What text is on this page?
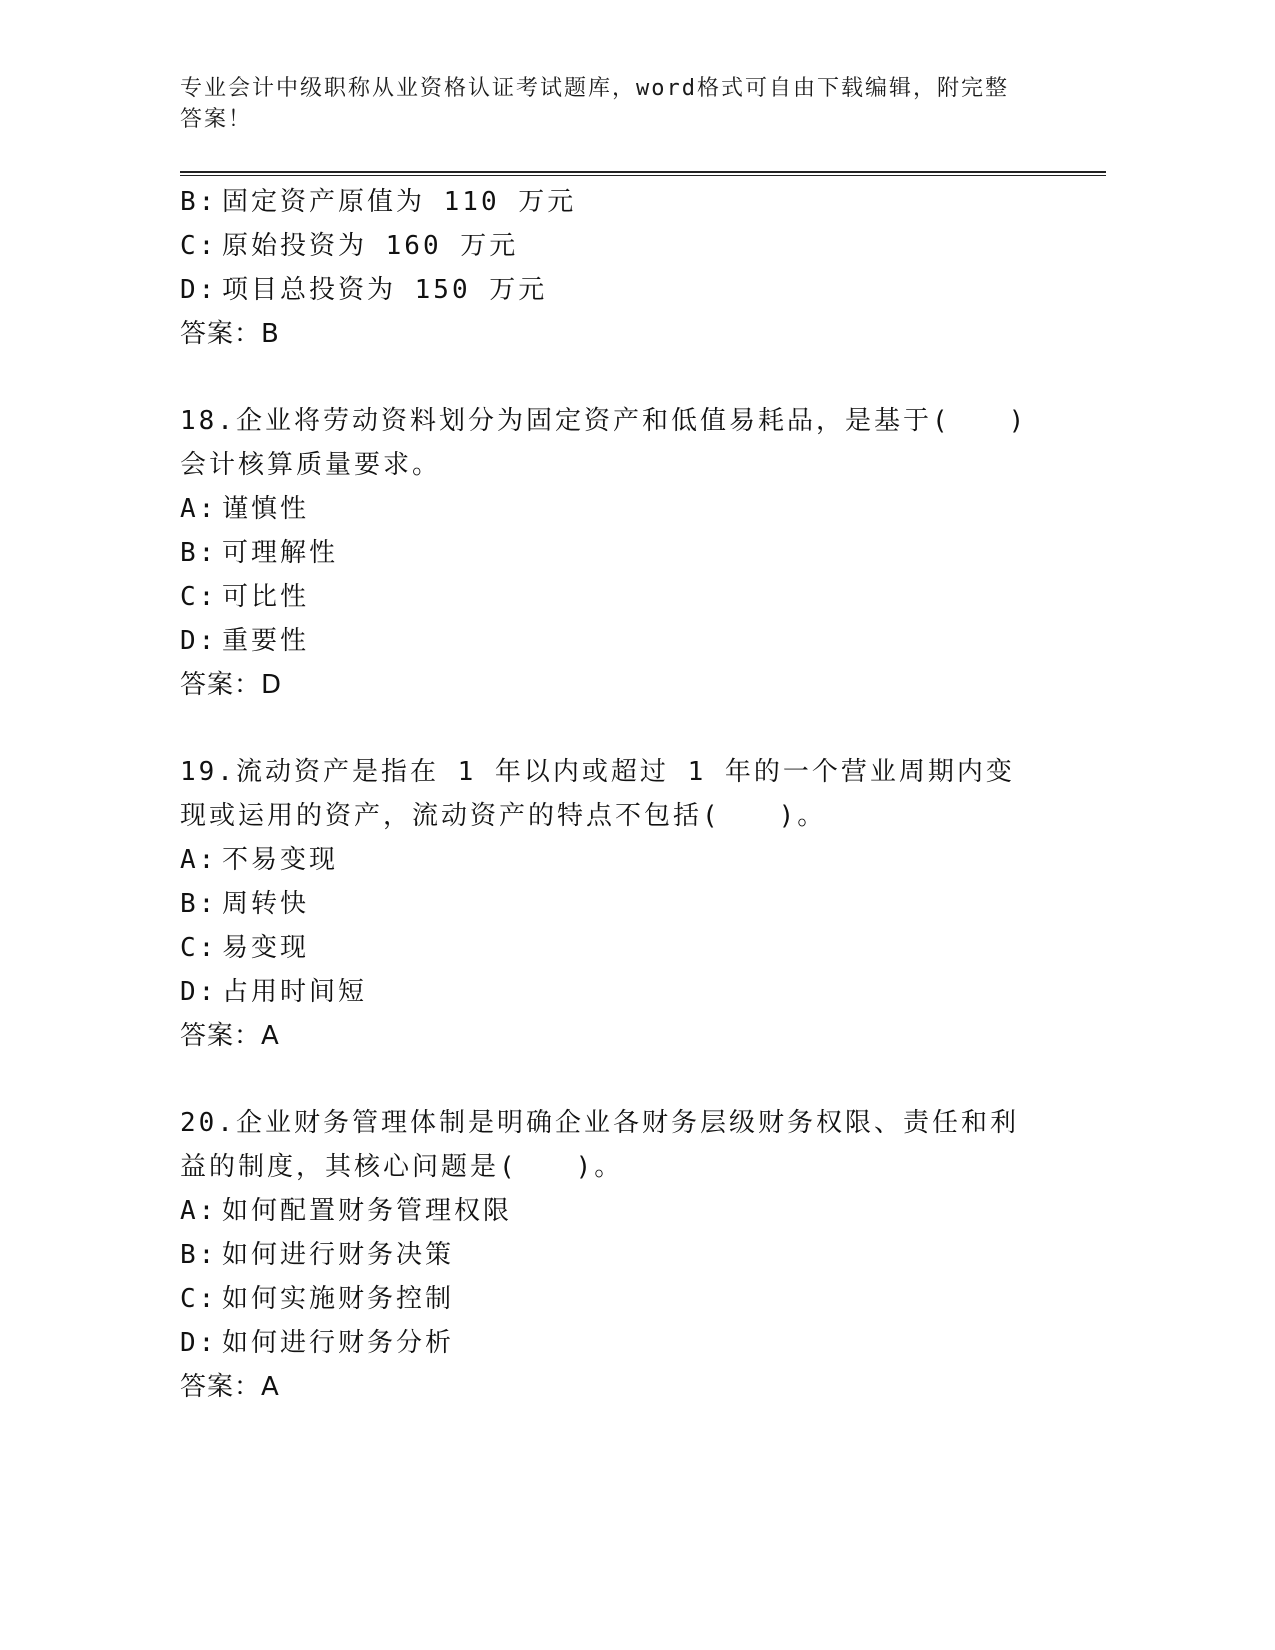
专业会计中级职称从业资格认证考试题库，word格式可自由下载编辑，附完整答案！
B: 固定资产原值为 110 万元
C: 原始投资为 160 万元
D: 项目总投资为 150 万元
答案：B
18.企业将劳动资料划分为固定资产和低值易耗品，是基于(　　)会计核算质量要求。
A: 谨慎性
B: 可理解性
C: 可比性
D: 重要性
答案：D
19.流动资产是指在 1 年以内或超过 1 年的一个营业周期内变现或运用的资产，流动资产的特点不包括(　　)。
A: 不易变现
B: 周转快
C: 易变现
D: 占用时间短
答案：A
20.企业财务管理体制是明确企业各财务层级财务权限、责任和利益的制度，其核心问题是(　　)。
A: 如何配置财务管理权限
B: 如何进行财务决策
C: 如何实施财务控制
D: 如何进行财务分析
答案：A
